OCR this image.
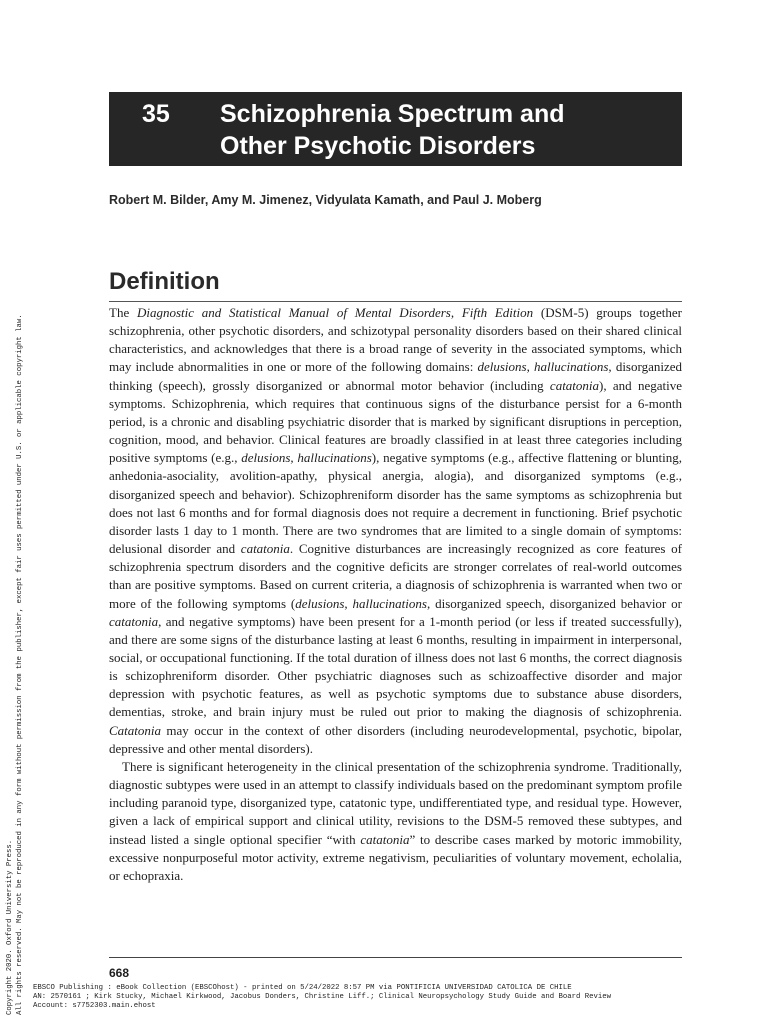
35 Schizophrenia Spectrum and
Other Psychotic Disorders
Robert M. Bilder, Amy M. Jimenez, Vidyulata Kamath, and Paul J. Moberg
Definition

The Diagnostic and Statistical Manual of Mental Disorders, Fifth Edition (DSM-5) groups together schizophrenia, other psychotic disorders, and schizotypal personality disorders based on their shared clinical characteristics, and acknowledges that there is a broad range of severity in the associated symptoms, which may include abnormalities in one or more of the following domains: delusions, hallucinations, disorganized thinking (speech), grossly disorganized or abnormal motor behavior (including catatonia), and negative symptoms. Schizophrenia, which requires that continuous signs of the disturbance persist for a 6-month period, is a chronic and disabling psychiatric disorder that is marked by significant disruptions in perception, cognition, mood, and behavior. Clinical features are broadly classified in at least three categories including positive symptoms (e.g., delusions, hallucinations), negative symptoms (e.g., affective flattening or blunting, anhedonia-asociality, avolition-apathy, physical anergia, alogia), and disorganized symptoms (e.g., disorganized speech and behavior). Schizophreniform disorder has the same symptoms as schizophrenia but does not last 6 months and for formal diagnosis does not require a decrement in functioning. Brief psychotic disorder lasts 1 day to 1 month. There are two syndromes that are limited to a single domain of symptoms: delusional disorder and catatonia. Cognitive disturbances are increasingly recognized as core features of schizophrenia spectrum disorders and the cognitive deficits are stronger correlates of real-world outcomes than are positive symptoms. Based on current criteria, a diagnosis of schizophrenia is warranted when two or more of the following symptoms (delusions, hallucinations, disorganized speech, disorganized behavior or catatonia, and negative symptoms) have been present for a 1-month period (or less if treated successfully), and there are some signs of the disturbance lasting at least 6 months, resulting in impairment in interpersonal, social, or occupational functioning. If the total duration of illness does not last 6 months, the correct diagnosis is schizophreniform disorder. Other psychiatric diagnoses such as schizoaffective disorder and major depression with psychotic features, as well as psychotic symptoms due to substance abuse disorders, dementias, stroke, and brain injury must be ruled out prior to making the diagnosis of schizophrenia. Catatonia may occur in the context of other disorders (including neurodevelopmental, psychotic, bipolar, depressive and other mental disorders).

There is significant heterogeneity in the clinical presentation of the schizophrenia syndrome. Traditionally, diagnostic subtypes were used in an attempt to classify individuals based on the predominant symptom profile including paranoid type, disorganized type, catatonic type, undifferentiated type, and residual type. However, given a lack of empirical support and clinical utility, revisions to the DSM-5 removed these subtypes, and instead listed a single optional specifier “with catatonia” to describe cases marked by motoric immobility, excessive nonpurposeful motor activity, extreme negativism, peculiarities of voluntary movement, echolalia, or echopraxia.

668
EBSCO Publishing : eBook Collection (EBSCOhost) - printed on 5/24/2022 8:57 PM via PONTIFICIA UNIVERSIDAD CATOLICA DE CHILE
AN: 2570161 ; Kirk Stucky, Michael Kirkwood, Jacobus Donders, Christine Liff.; Clinical Neuropsychology Study Guide and Board Review
Account: s7752303.main.ehost
Copyright 2020. Oxford University Press. All rights reserved. May not be reproduced in any form without permission from the publisher, except fair uses permitted under U.S. or applicable copyright law.
